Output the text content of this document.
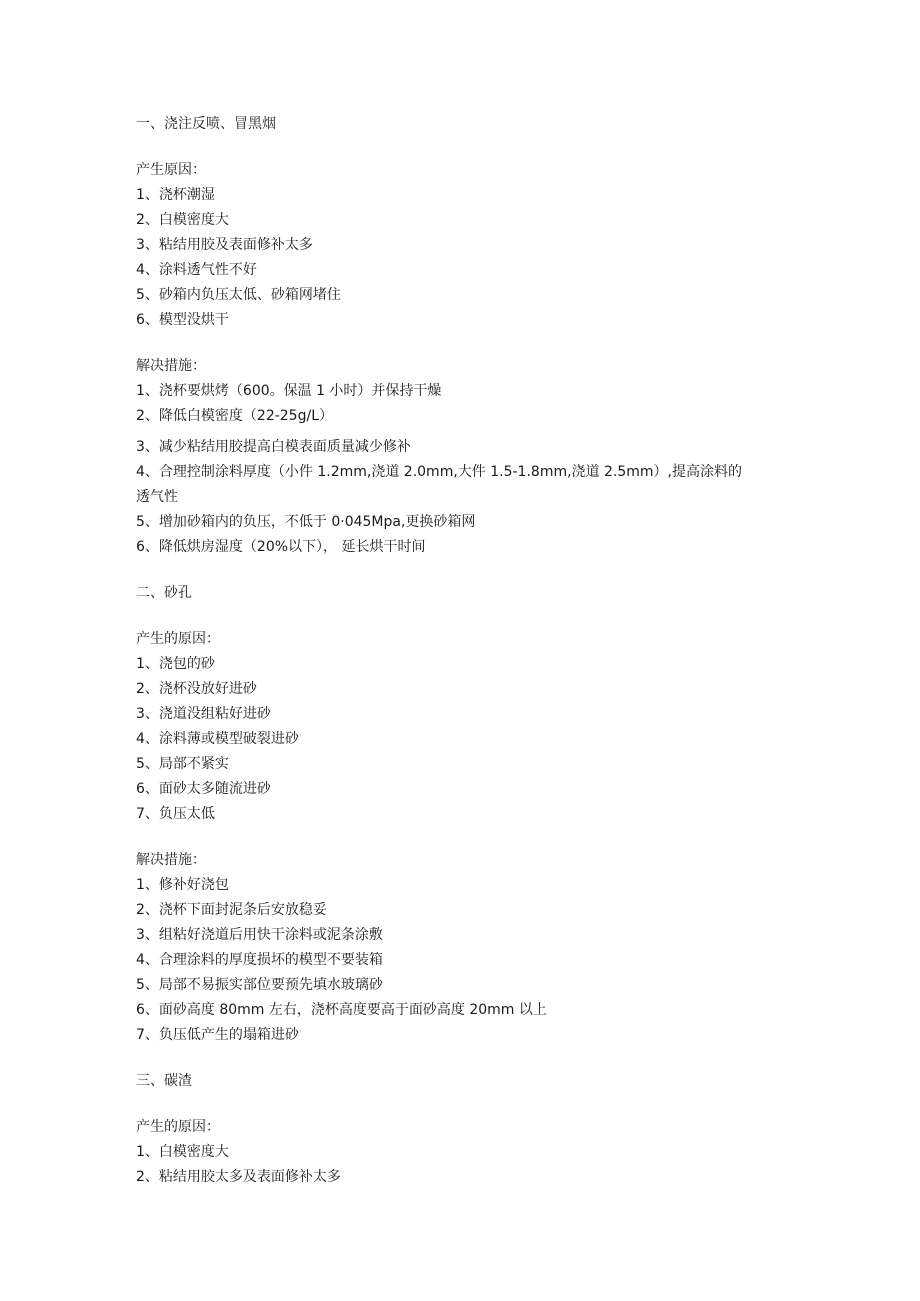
一、浇注反喷、冒黑烟
产生原因：
1、浇杯潮湿
2、白模密度大
3、粘结用胶及表面修补太多
4、涂料透气性不好
5、砂箱内负压太低、砂箱网堵住
6、模型没烘干
解决措施：
1、浇杯要烘烤（600。保温 1 小时）并保持干燥
2、降低白模密度（22-25g/L）
3、减少粘结用胶提高白模表面质量减少修补
4、合理控制涂料厚度（小件 1.2mm,浇道 2.0mm,大件 1.5-1.8mm,浇道 2.5mm）,提高涂料的
透气性
5、增加砂箱内的负压，不低于 0·045Mpa,更换砂箱网
6、降低烘房湿度（20%以下）， 延长烘干时间
二、砂孔
产生的原因：
1、浇包的砂
2、浇杯没放好进砂
3、浇道没组粘好进砂
4、涂料薄或模型破裂进砂
5、局部不紧实
6、面砂太多随流进砂
7、负压太低
解决措施：
1、修补好浇包
2、浇杯下面封泥条后安放稳妥
3、组粘好浇道后用快干涂料或泥条涂敷
4、合理涂料的厚度损坏的模型不要装箱
5、局部不易振实部位要预先填水玻璃砂
6、面砂高度 80mm 左右，浇杯高度要高于面砂高度 20mm 以上
7、负压低产生的塌箱进砂
三、碳渣
产生的原因：
1、白模密度大
2、粘结用胶太多及表面修补太多
